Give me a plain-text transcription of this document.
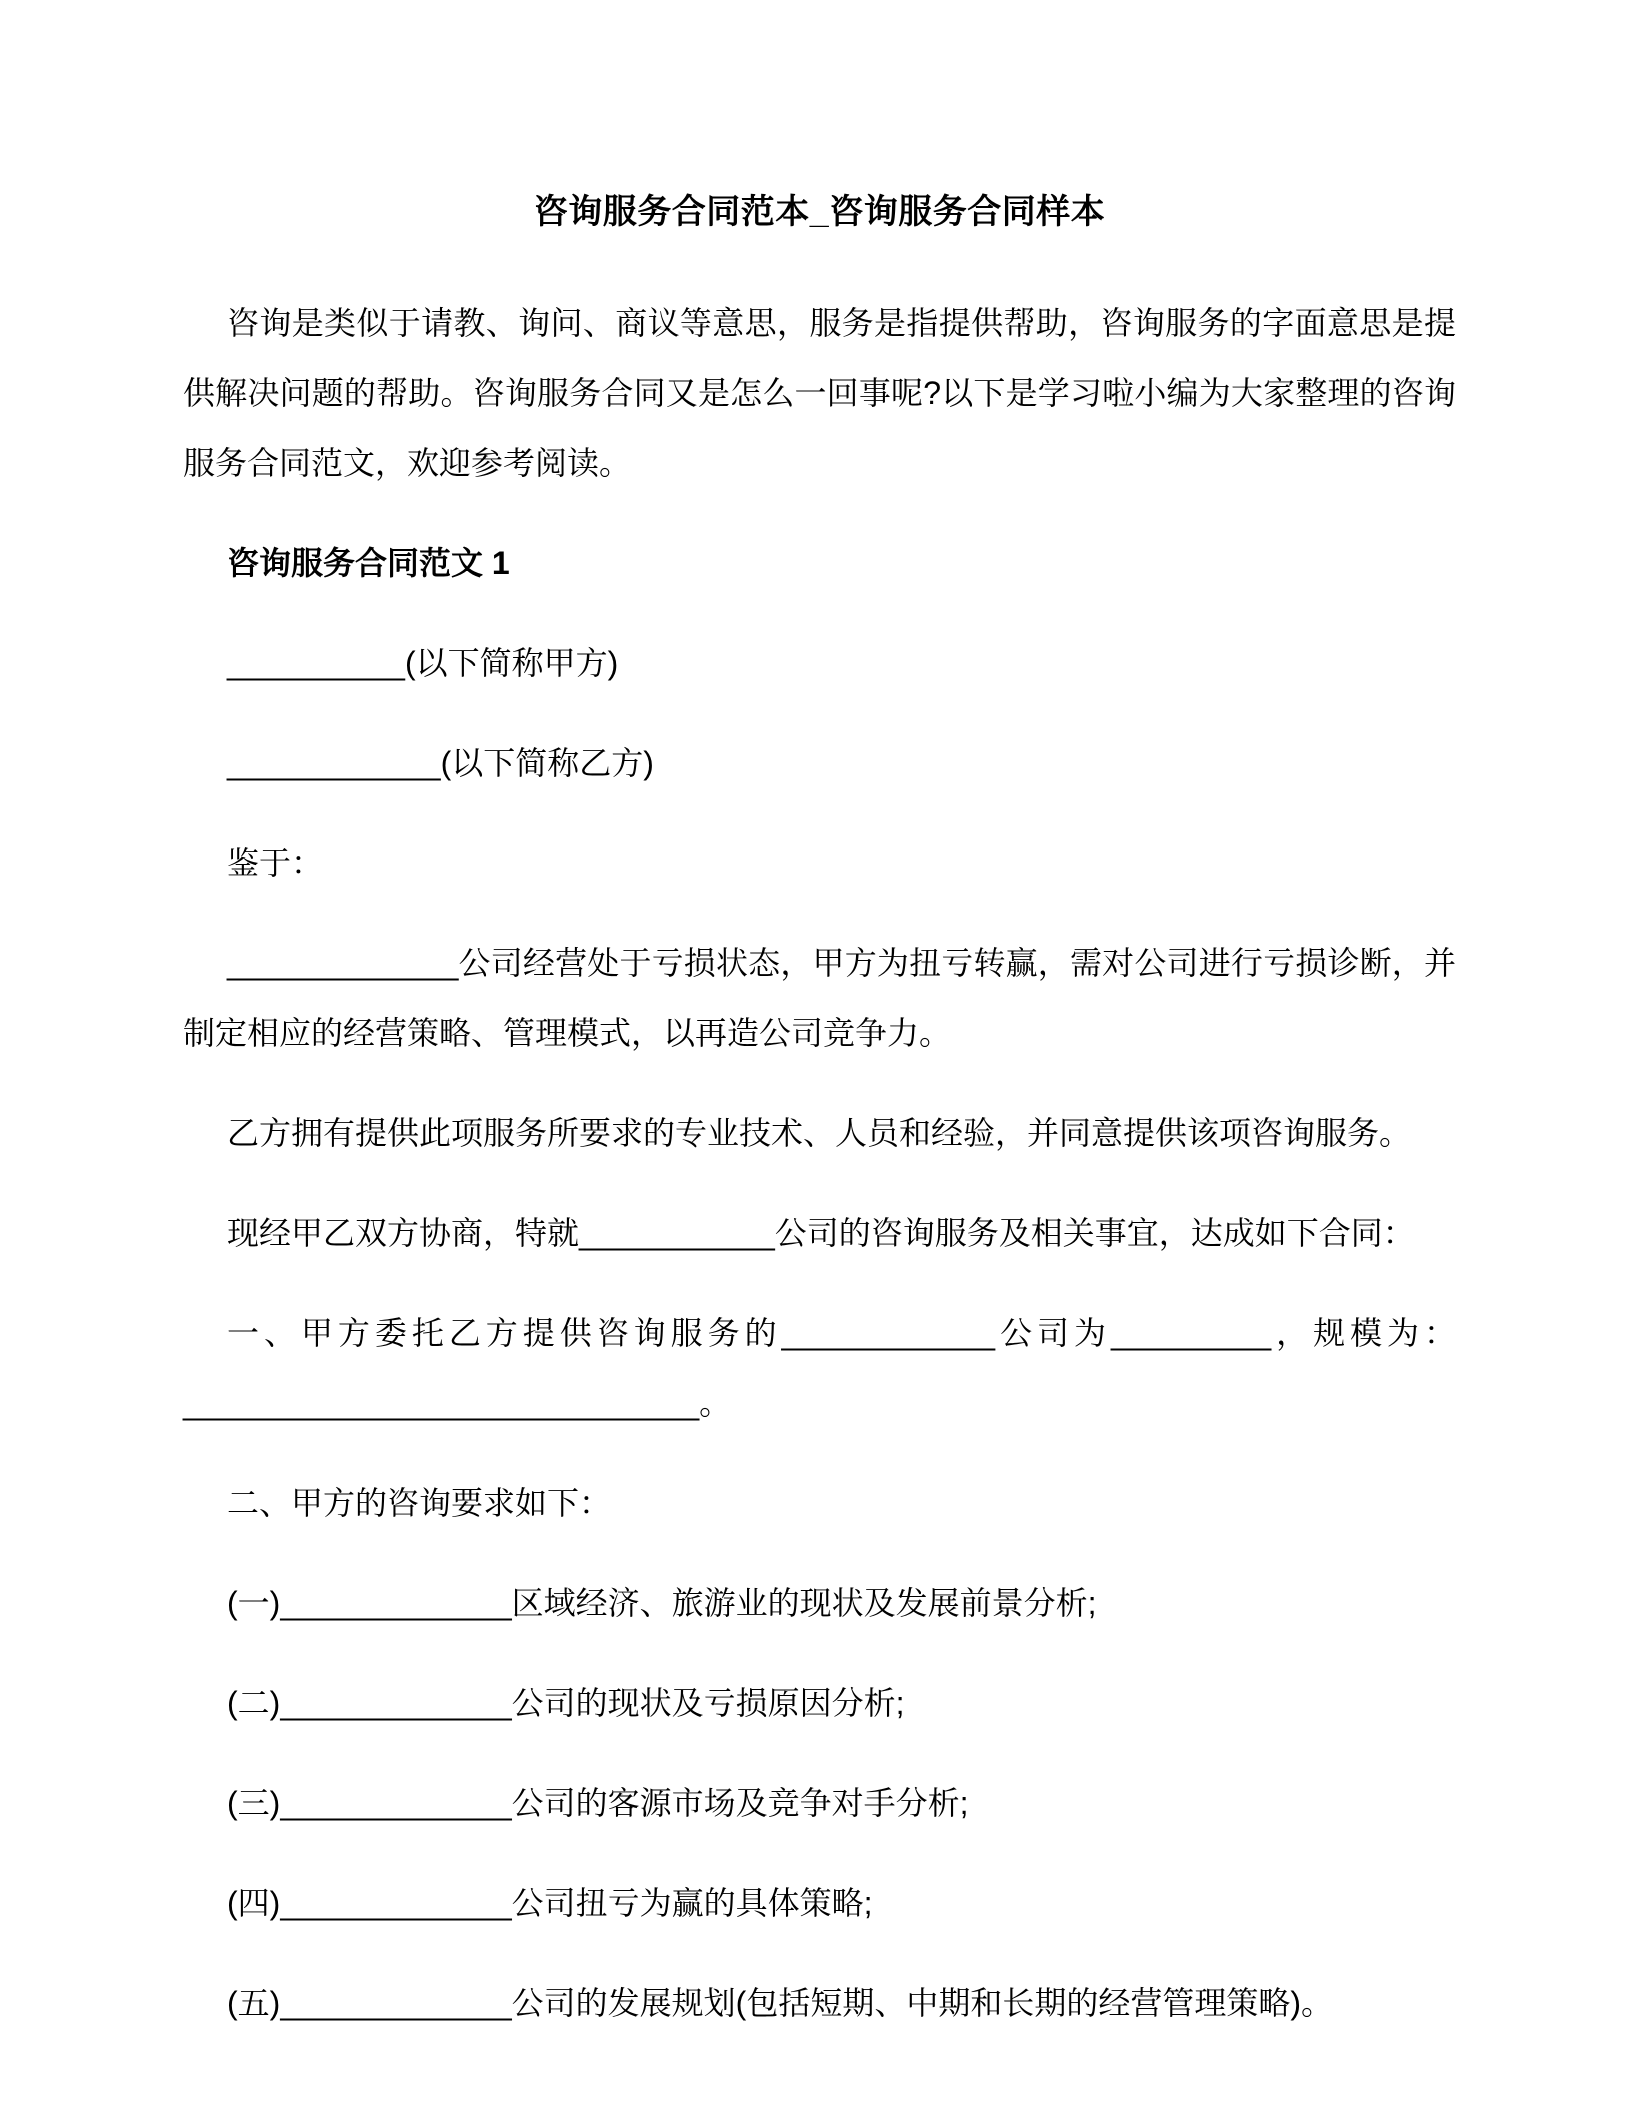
咨询服务合同范本_咨询服务合同样本

咨询是类似于请教、询问、商议等意思，服务是指提供帮助，咨询服务的字面意思是提供解决问题的帮助。咨询服务合同又是怎么一回事呢?以下是学习啦小编为大家整理的咨询服务合同范文，欢迎参考阅读。

咨询服务合同范文 1

__________(以下简称甲方)

____________(以下简称乙方)

鉴于：

_____________公司经营处于亏损状态，甲方为扭亏转赢，需对公司进行亏损诊断，并制定相应的经营策略、管理模式，以再造公司竞争力。

乙方拥有提供此项服务所要求的专业技术、人员和经验，并同意提供该项咨询服务。

现经甲乙双方协商，特就___________公司的咨询服务及相关事宜，达成如下合同：

一、甲方委托乙方提供咨询服务的____________公司为_________，规模为：_____________________________。

二、甲方的咨询要求如下：

(一)_____________区域经济、旅游业的现状及发展前景分析;

(二)_____________公司的现状及亏损原因分析;

(三)_____________公司的客源市场及竞争对手分析;

(四)_____________公司扭亏为赢的具体策略;

(五)_____________公司的发展规划(包括短期、中期和长期的经营管理策略)。
